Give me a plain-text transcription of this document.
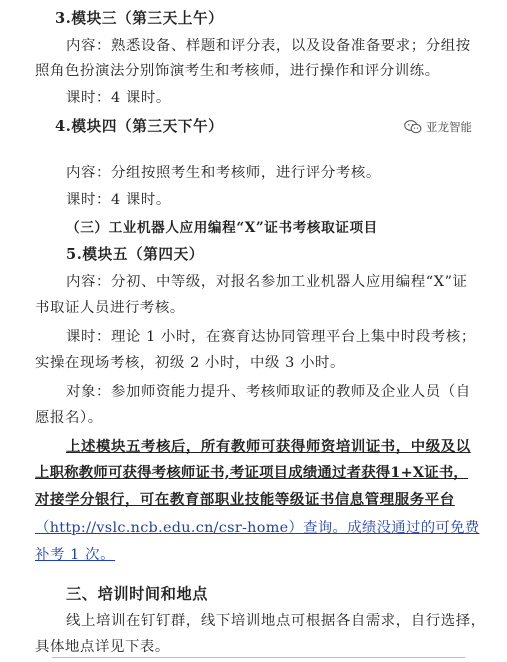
3.模块三（第三天上午）
内容：熟悉设备、样题和评分表，以及设备准备要求；分组按
照角色扮演法分别饰演考生和考核师，进行操作和评分训练。
课时：4 课时。
4.模块四（第三天下午）	亚龙智能
内容：分组按照考生和考核师，进行评分考核。
课时：4 课时。
（三）工业机器人应用编程“X”证书考核取证项目
5.模块五（第四天）
内容：分初、中等级，对报名参加工业机器人应用编程“X”证
书取证人员进行考核。
课时：理论 1 小时，在赛育达协同管理平台上集中时段考核；
实操在现场考核，初级 2 小时，中级 3 小时。
对象：参加师资能力提升、考核师取证的教师及企业人员（自
愿报名）。
上述模块五考核后，所有教师可获得师资培训证书，中级及以
上职称教师可获得考核师证书,考证项目成绩通过者获得1+X证书，
对接学分银行，可在教育部职业技能等级证书信息管理服务平台
（http://vslc.ncb.edu.cn/csr-home）查询。成绩没通过的可免费
补考 1 次。
三、培训时间和地点
线上培训在钉钉群，线下培训地点可根据各自需求，自行选择，
具体地点详见下表。
